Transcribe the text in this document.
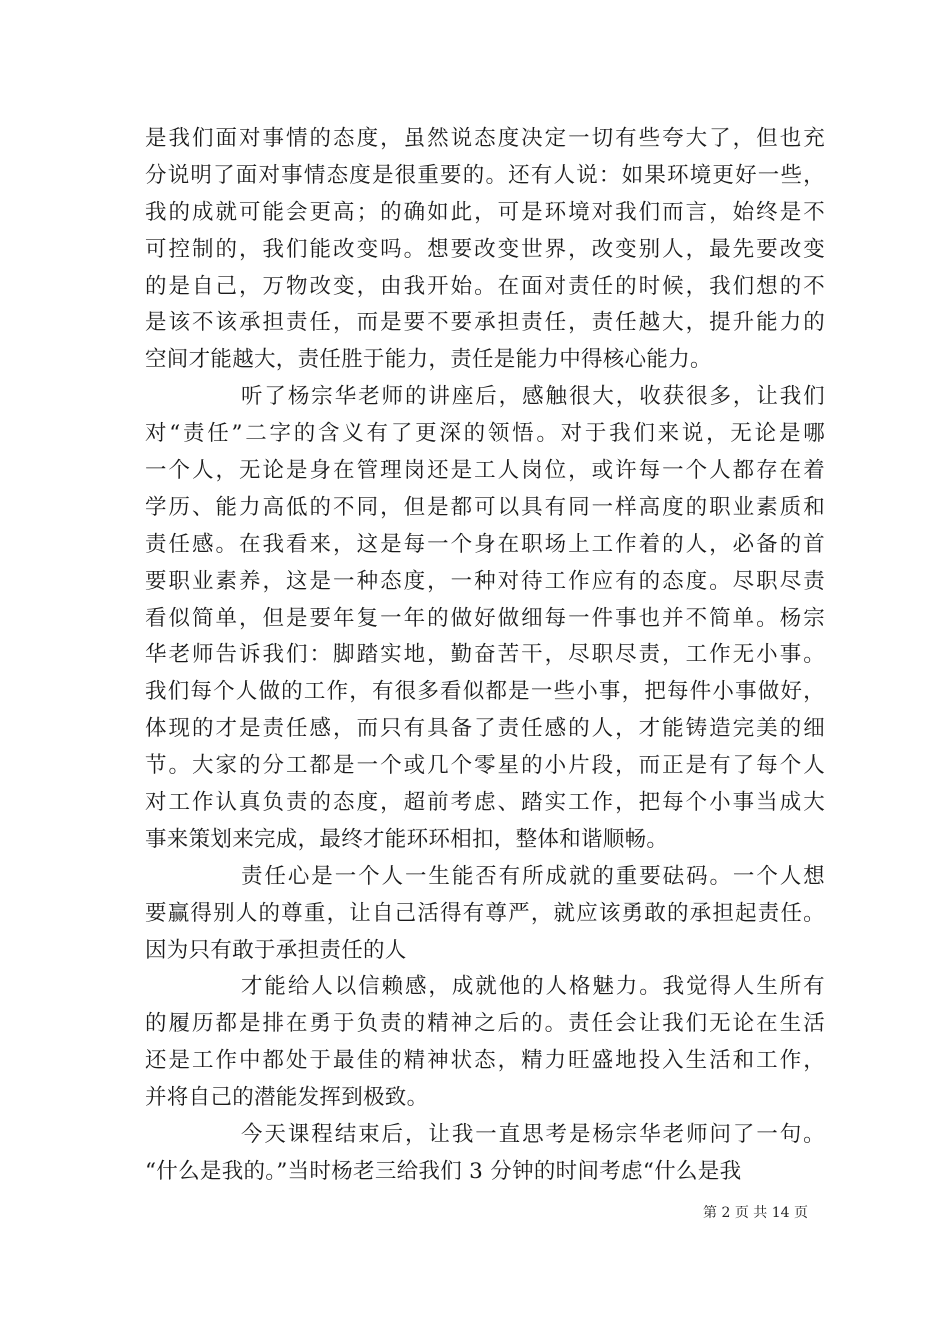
是我们面对事情的态度，虽然说态度决定一切有些夸大了，但也充
分说明了面对事情态度是很重要的。还有人说：如果环境更好一些，
我的成就可能会更高；的确如此，可是环境对我们而言，始终是不
可控制的，我们能改变吗。想要改变世界，改变别人，最先要改变
的是自己，万物改变，由我开始。在面对责任的时候，我们想的不
是该不该承担责任，而是要不要承担责任，责任越大，提升能力的
空间才能越大，责任胜于能力，责任是能力中得核心能力。
听了杨宗华老师的讲座后，感触很大，收获很多，让我们
对“责任”二字的含义有了更深的领悟。对于我们来说，无论是哪
一个人，无论是身在管理岗还是工人岗位，或许每一个人都存在着
学历、能力高低的不同，但是都可以具有同一样高度的职业素质和
责任感。在我看来，这是每一个身在职场上工作着的人，必备的首
要职业素养，这是一种态度，一种对待工作应有的态度。尽职尽责
看似简单，但是要年复一年的做好做细每一件事也并不简单。杨宗
华老师告诉我们：脚踏实地，勤奋苦干，尽职尽责，工作无小事。
我们每个人做的工作，有很多看似都是一些小事，把每件小事做好，
体现的才是责任感，而只有具备了责任感的人，才能铸造完美的细
节。大家的分工都是一个或几个零星的小片段，而正是有了每个人
对工作认真负责的态度，超前考虑、踏实工作，把每个小事当成大
事来策划来完成，最终才能环环相扣，整体和谐顺畅。
责任心是一个人一生能否有所成就的重要砝码。一个人想
要赢得别人的尊重，让自己活得有尊严，就应该勇敢的承担起责任。
因为只有敢于承担责任的人
才能给人以信赖感，成就他的人格魅力。我觉得人生所有
的履历都是排在勇于负责的精神之后的。责任会让我们无论在生活
还是工作中都处于最佳的精神状态，精力旺盛地投入生活和工作，
并将自己的潜能发挥到极致。
今天课程结束后，让我一直思考是杨宗华老师问了一句。
“什么是我的。”当时杨老三给我们 3 分钟的时间考虑“什么是我
第 2 页 共 14 页
